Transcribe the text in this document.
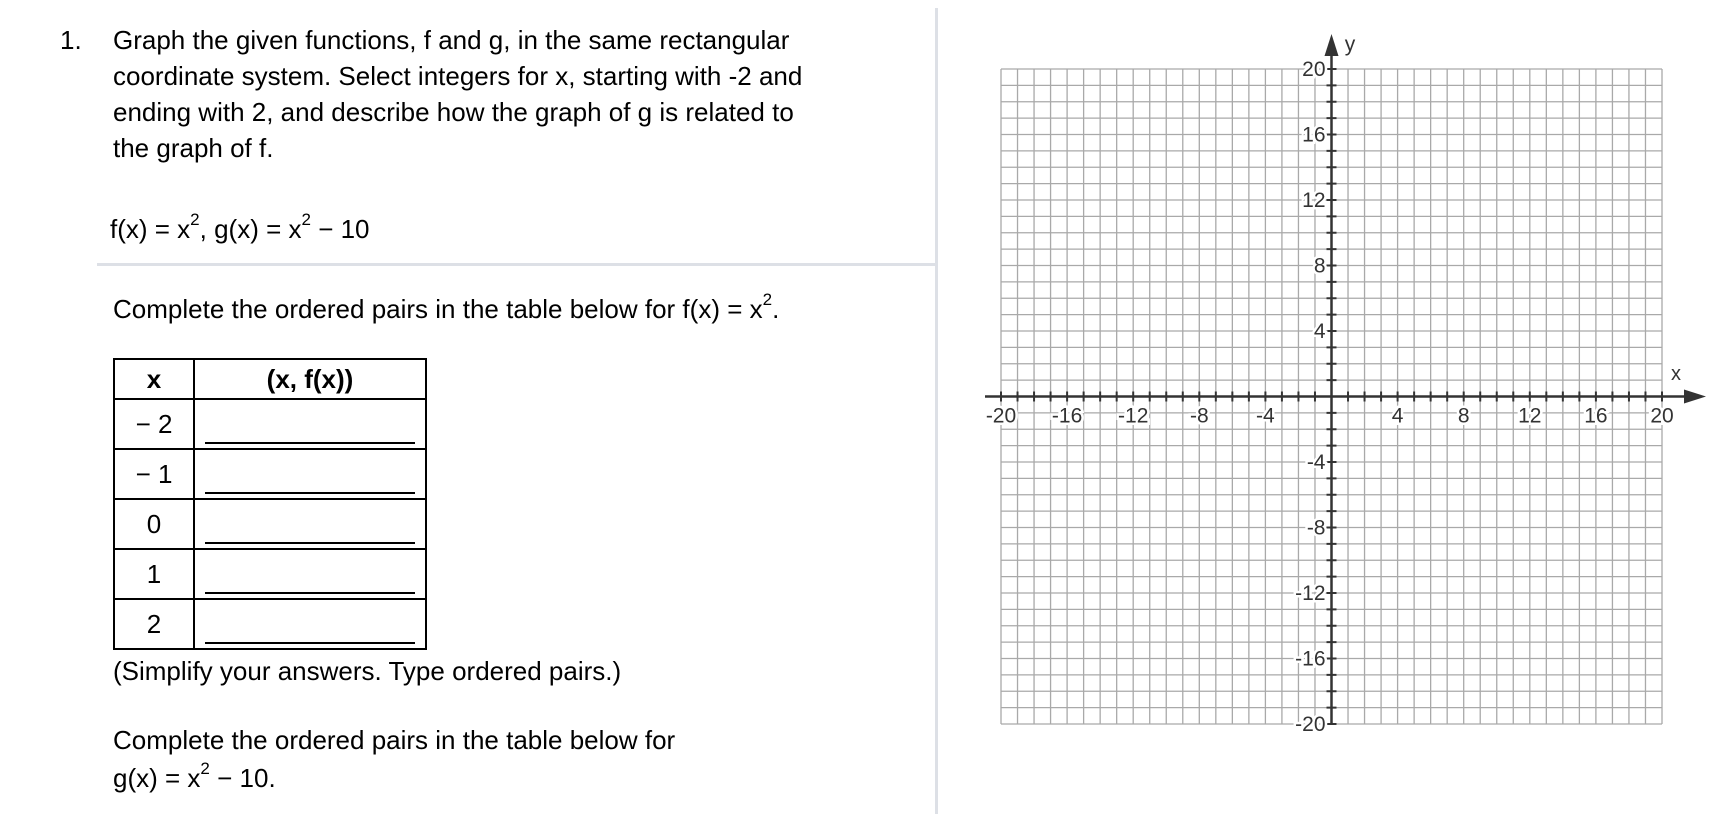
1. Graph the given functions, f and g, in the same rectangular
coordinate system. Select integers for x, starting with -2 and
ending with 2, and describe how the graph of g is related to
the graph of f.
$f(x) = x^2$, $g(x) = x^2 - 10$
Complete the ordered pairs in the table below for $f(x) = x^2$.
x	(x, f(x))
− 2	

− 1	

0	

1	

2	
(Simplify your answers. Type ordered pairs.)
Complete the ordered pairs in the table below for
$g(x) = x^2 - 10$.
-20 -16 -12 -8 -4	4	8 12 16 20
20
16
12
8
4
-4
-8
-12
-16
-20
x
y
